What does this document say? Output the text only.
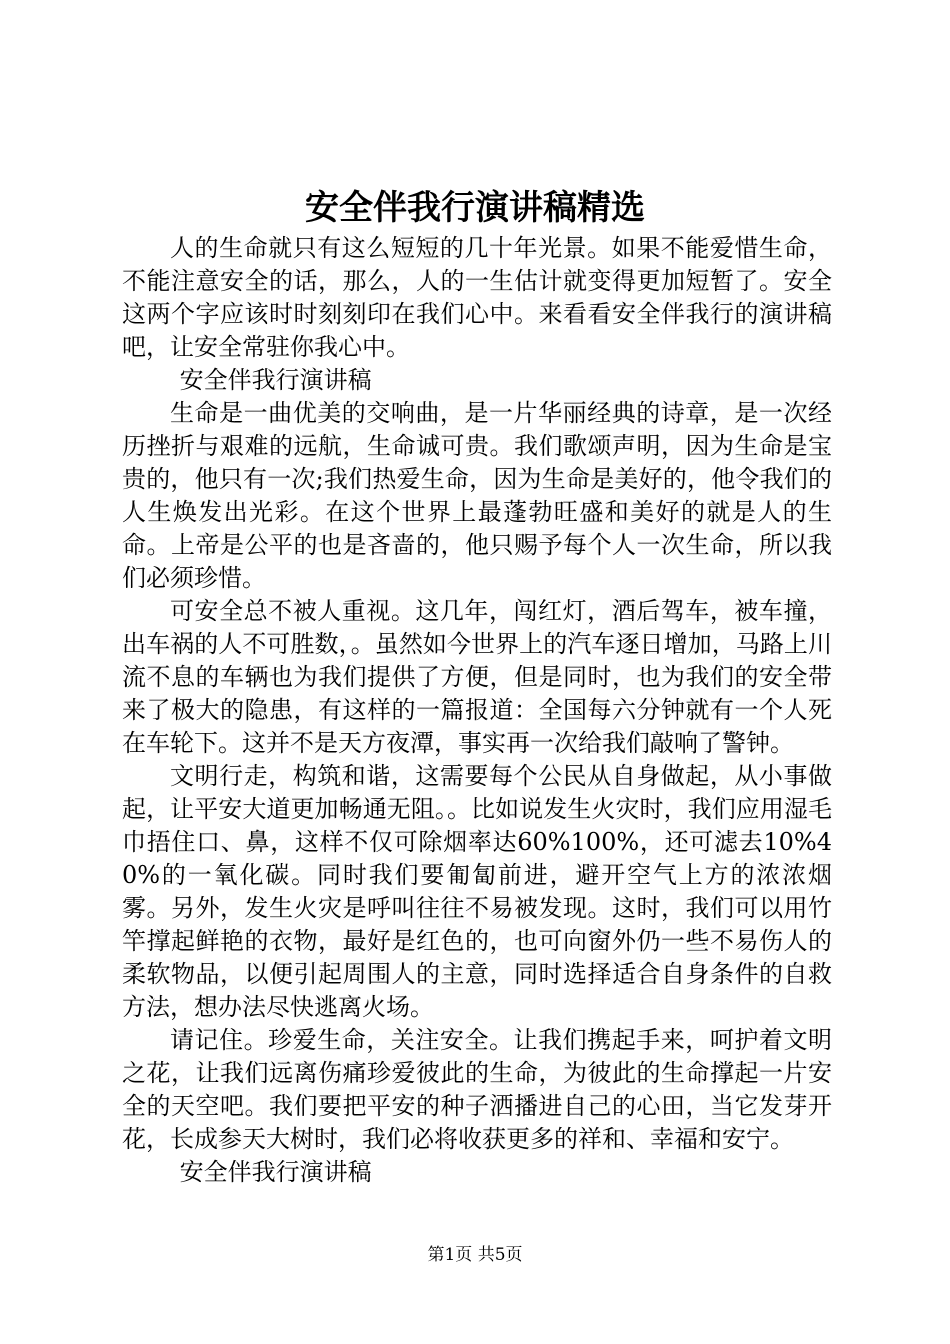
安全伴我行演讲稿精选

人的生命就只有这么短短的几十年光景。如果不能爱惜生命，不能注意安全的话，那么，人的一生估计就变得更加短暂了。安全这两个字应该时时刻刻印在我们心中。来看看安全伴我行的演讲稿吧，让安全常驻你我心中。

安全伴我行演讲稿

生命是一曲优美的交响曲，是一片华丽经典的诗章，是一次经历挫折与艰难的远航，生命诚可贵。我们歌颂声明，因为生命是宝贵的，他只有一次;我们热爱生命，因为生命是美好的，他令我们的人生焕发出光彩。在这个世界上最蓬勃旺盛和美好的就是人的生命。上帝是公平的也是吝啬的，他只赐予每个人一次生命，所以我们必须珍惜。

可安全总不被人重视。这几年，闯红灯，酒后驾车，被车撞，出车祸的人不可胜数，。虽然如今世界上的汽车逐日增加，马路上川流不息的车辆也为我们提供了方便，但是同时，也为我们的安全带来了极大的隐患，有这样的一篇报道：全国每六分钟就有一个人死在车轮下。这并不是天方夜潭，事实再一次给我们敲响了警钟。

文明行走，构筑和谐，这需要每个公民从自身做起，从小事做起，让平安大道更加畅通无阻。。比如说发生火灾时，我们应用湿毛巾捂住口、鼻，这样不仅可除烟率达60%100%，还可滤去10%40%的一氧化碳。同时我们要匍匐前进，避开空气上方的浓浓烟雾。另外，发生火灾是呼叫往往不易被发现。这时，我们可以用竹竿撑起鲜艳的衣物，最好是红色的，也可向窗外仍一些不易伤人的柔软物品，以便引起周围人的主意，同时选择适合自身条件的自救方法，想办法尽快逃离火场。

请记住。珍爱生命，关注安全。让我们携起手来，呵护着文明之花，让我们远离伤痛珍爱彼此的生命，为彼此的生命撑起一片安全的天空吧。我们要把平安的种子洒播进自己的心田，当它发芽开花，长成参天大树时，我们必将收获更多的祥和、幸福和安宁。

安全伴我行演讲稿

第1页 共5页
